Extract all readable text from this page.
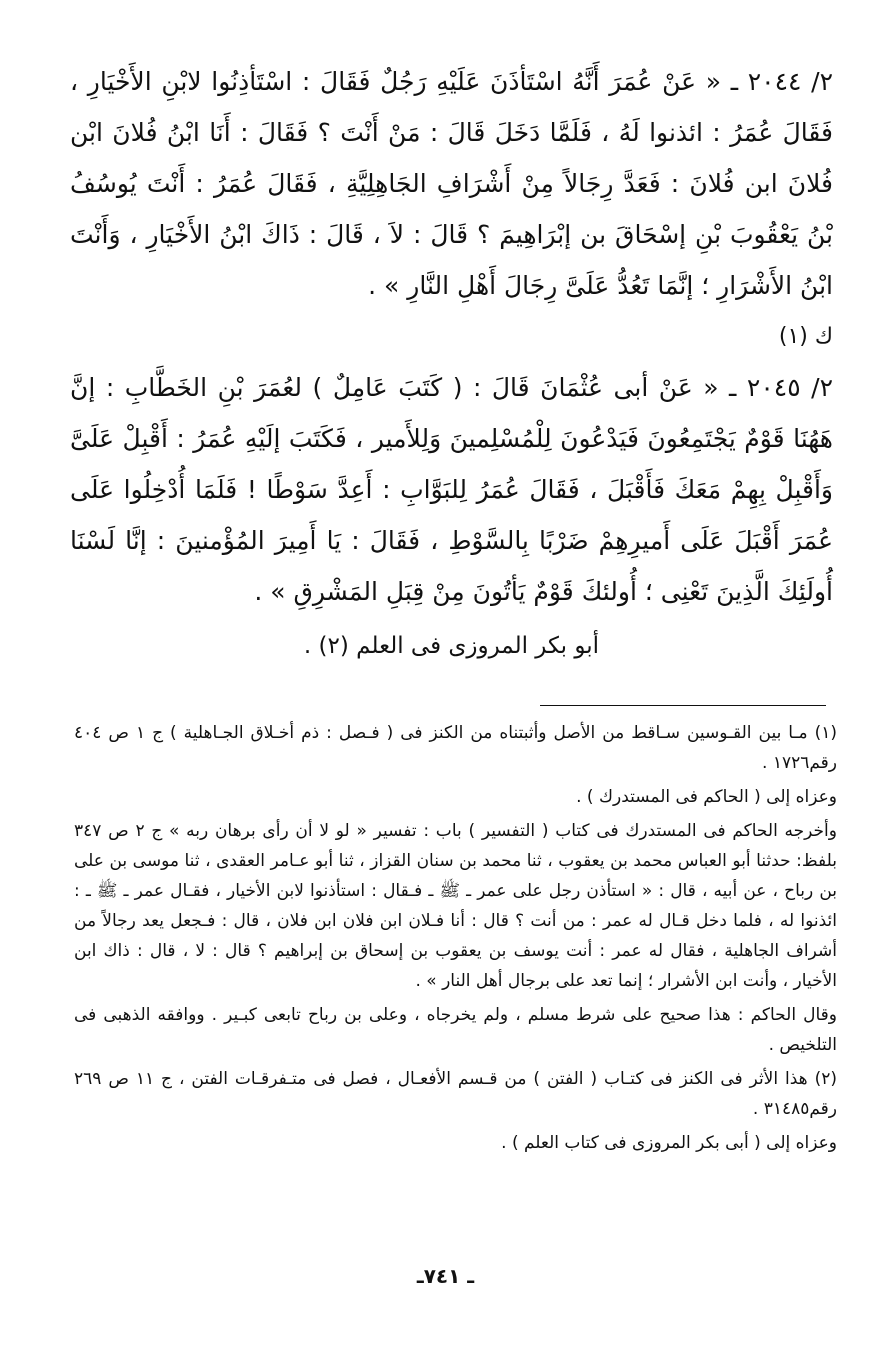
٢/ ٢٠٤٤ ـ « عَنْ عُمَرَ أَنَّهُ اسْتَأذَنَ عَلَيْهِ رَجُلٌ فَقَالَ : اسْتَأذِنُوا لابْنِ الأَخْيَارِ ، فَقَالَ عُمَرُ : ائذنوا لَهُ ، فَلَمَّا دَخَلَ قَالَ : مَنْ أَنْتَ ؟ فَقَالَ : أَنَا ابْنُ فُلانَ ابْن فُلانَ ابن فُلانَ : فَعَدَّ رِجَالاً مِنْ أَشْرَافِ الجَاهِلِيَّةِ ، فَقَالَ عُمَرُ : أَنْتَ يُوسُفُ بْنُ يَعْقُوبَ بْنِ إسْحَاقَ بن إبْرَاهِيمَ ؟ قَالَ : لاَ ، قَالَ : ذَاكَ ابْنُ الأَخْيَارِ ، وَأَنْتَ ابْنُ الأَشْرَارِ ؛ إنَّمَا تَعُدُّ عَلَىَّ رِجَالَ أَهْلِ النَّارِ » .

ك (١)

٢/ ٢٠٤٥ ـ « عَنْ أبى عُثْمَانَ قَالَ : ( كَتَبَ عَامِلٌ ) لعُمَرَ بْنِ الخَطَّابِ : إنَّ هَهُنَا قَوْمٌ يَجْتَمِعُونَ فَيَدْعُونَ لِلْمُسْلِمينَ وَلِلأَمير ، فَكَتَبَ إلَيْهِ عُمَرُ : أَقْبِلْ عَلَىَّ وَأَقْبِلْ بِهِمْ مَعَكَ فَأَقْبَلَ ، فَقَالَ عُمَرُ لِلبَوَّابِ : أَعِدَّ سَوْطًا ! فَلَمَا أُدْخِلُوا عَلَى عُمَرَ أَقْبَلَ عَلَى أَميرِهِمْ ضَرْبًا بِالسَّوْطِ ، فَقَالَ : يَا أَمِيرَ المُؤْمنينَ : إنَّا لَسْنَا أُولَئِكَ الَّذِينَ تَعْنِى ؛ أُولئكَ قَوْمٌ يَأتُونَ مِنْ قِبَلِ المَشْرِقِ » .

أبو بكر المروزى فى العلم (٢) .

(١) مـا بين القـوسين سـاقط من الأصل وأثبتناه من الكنز فى ( فـصل : ذم أخـلاق الجـاهلية ) ج ١ ص ٤٠٤ رقم١٧٢٦ .

وعزاه إلى ( الحاكم فى المستدرك ) .

وأخرجه الحاكم فى المستدرك فى كتاب ( التفسير ) باب : تفسير « لو لا أن رأى برهان ربه » ج ٢ ص ٣٤٧ بلفظ: حدثنا أبو العباس محمد بن يعقوب ، ثنا محمد بن سنان القزاز ، ثنا أبو عـامر العقدى ، ثنا موسى بن على بن رباح ، عن أبيه ، قال : « استأذن رجل على عمر ـ ﷺ ـ فـقال : استأذنوا لابن الأخيار ، فقـال عمر ـ ﷺ ـ : ائذنوا له ، فلما دخل قـال له عمر : من أنت ؟ قال : أنا فـلان ابن فلان ابن فلان ، قال : فـجعل يعد رجالاً من أشراف الجاهلية ، فقال له عمر : أنت يوسف بن يعقوب بن إسحاق بن إبراهيم ؟ قال : لا ، قال : ذاك ابن الأخيار ، وأنت ابن الأشرار ؛ إنما تعد على برجال أهل النار » .

وقال الحاكم : هذا صحيح على شرط مسلم ، ولم يخرجاه ، وعلى بن رباح تابعى كبـير . ووافقه الذهبى فى التلخيص .

(٢) هذا الأثر فى الكنز فى كتـاب ( الفتن ) من قـسم الأفعـال ، فصل فى متـفرقـات الفتن ، ج ١١ ص ٢٦٩ رقم٣١٤٨٥ .

وعزاه إلى ( أبى بكر المروزى فى كتاب العلم ) .

ـ ٧٤١ـ
